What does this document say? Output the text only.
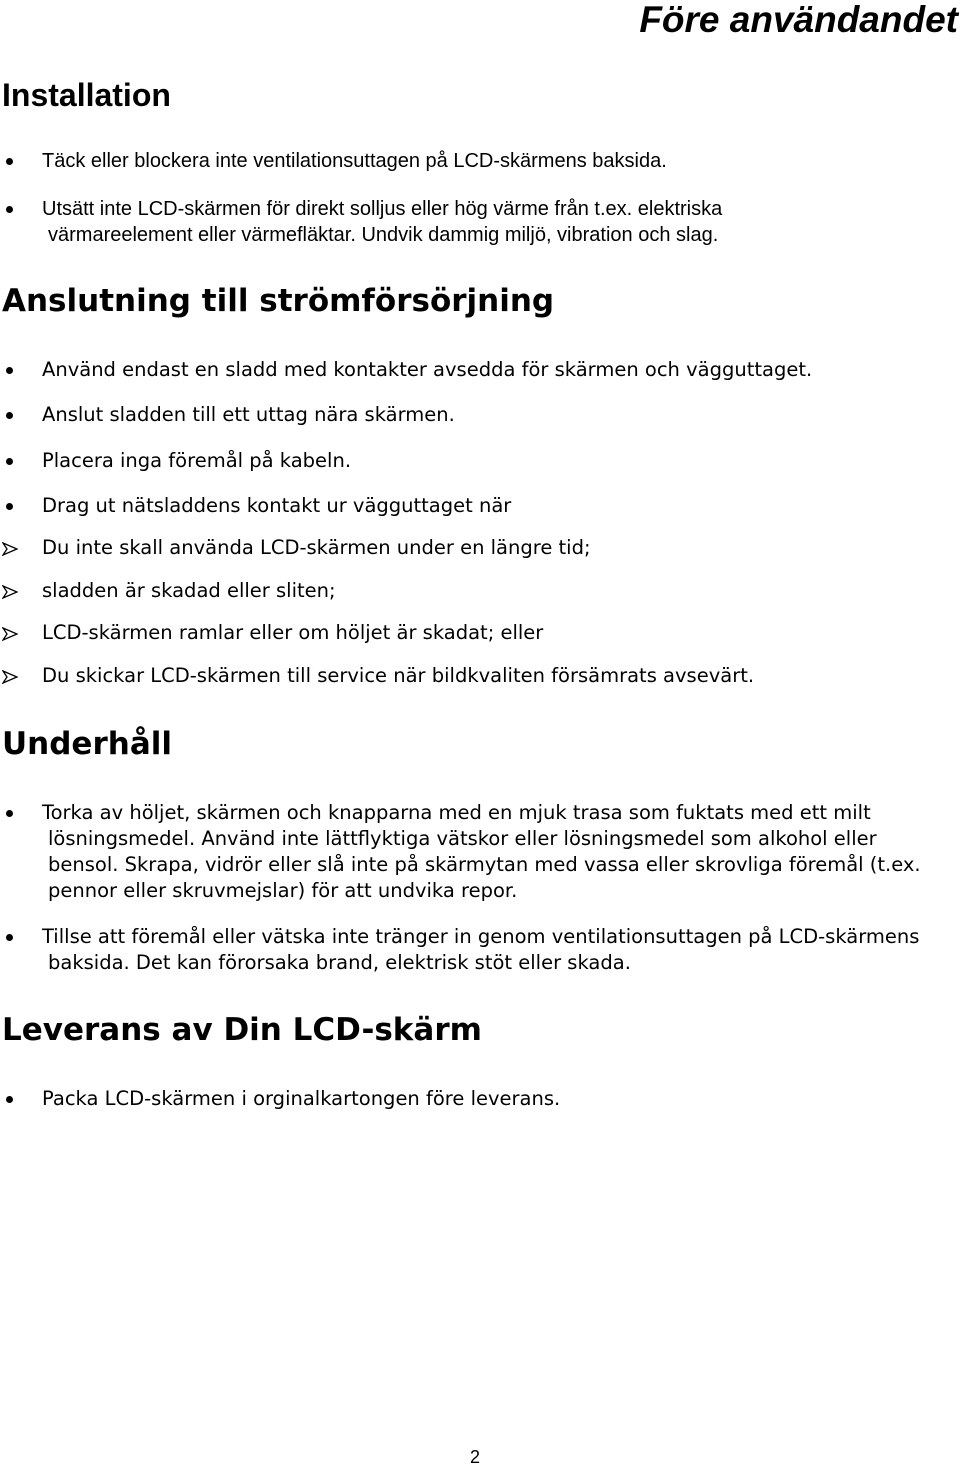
Före användandet
Installation
Täck eller blockera inte ventilationsuttagen på LCD-skärmens baksida.
Utsätt inte LCD-skärmen för direkt solljus eller hög värme från t.ex. elektriska
värmareelement eller värmefläktar. Undvik dammig miljö, vibration och slag.
Anslutning till strömförsörjning
Använd endast en sladd med kontakter avsedda för skärmen och vägguttaget.
Anslut sladden till ett uttag nära skärmen.
Placera inga föremål på kabeln.
Drag ut nätsladdens kontakt ur vägguttaget när
Du inte skall använda LCD-skärmen under en längre tid;
sladden är skadad eller sliten;
LCD-skärmen ramlar eller om höljet är skadat; eller
Du skickar LCD-skärmen till service när bildkvaliten försämrats avsevärt.
Underhåll
Torka av höljet, skärmen och knapparna med en mjuk trasa som fuktats med ett milt
lösningsmedel. Använd inte lättflyktiga vätskor eller lösningsmedel som alkohol eller
bensol. Skrapa, vidrör eller slå inte på skärmytan med vassa eller skrovliga föremål (t.ex.
pennor eller skruvmejslar) för att undvika repor.
Tillse att föremål eller vätska inte tränger in genom ventilationsuttagen på LCD-skärmens
baksida. Det kan förorsaka brand, elektrisk stöt eller skada.
Leverans av Din LCD-skärm
Packa LCD-skärmen i orginalkartongen före leverans.
2
